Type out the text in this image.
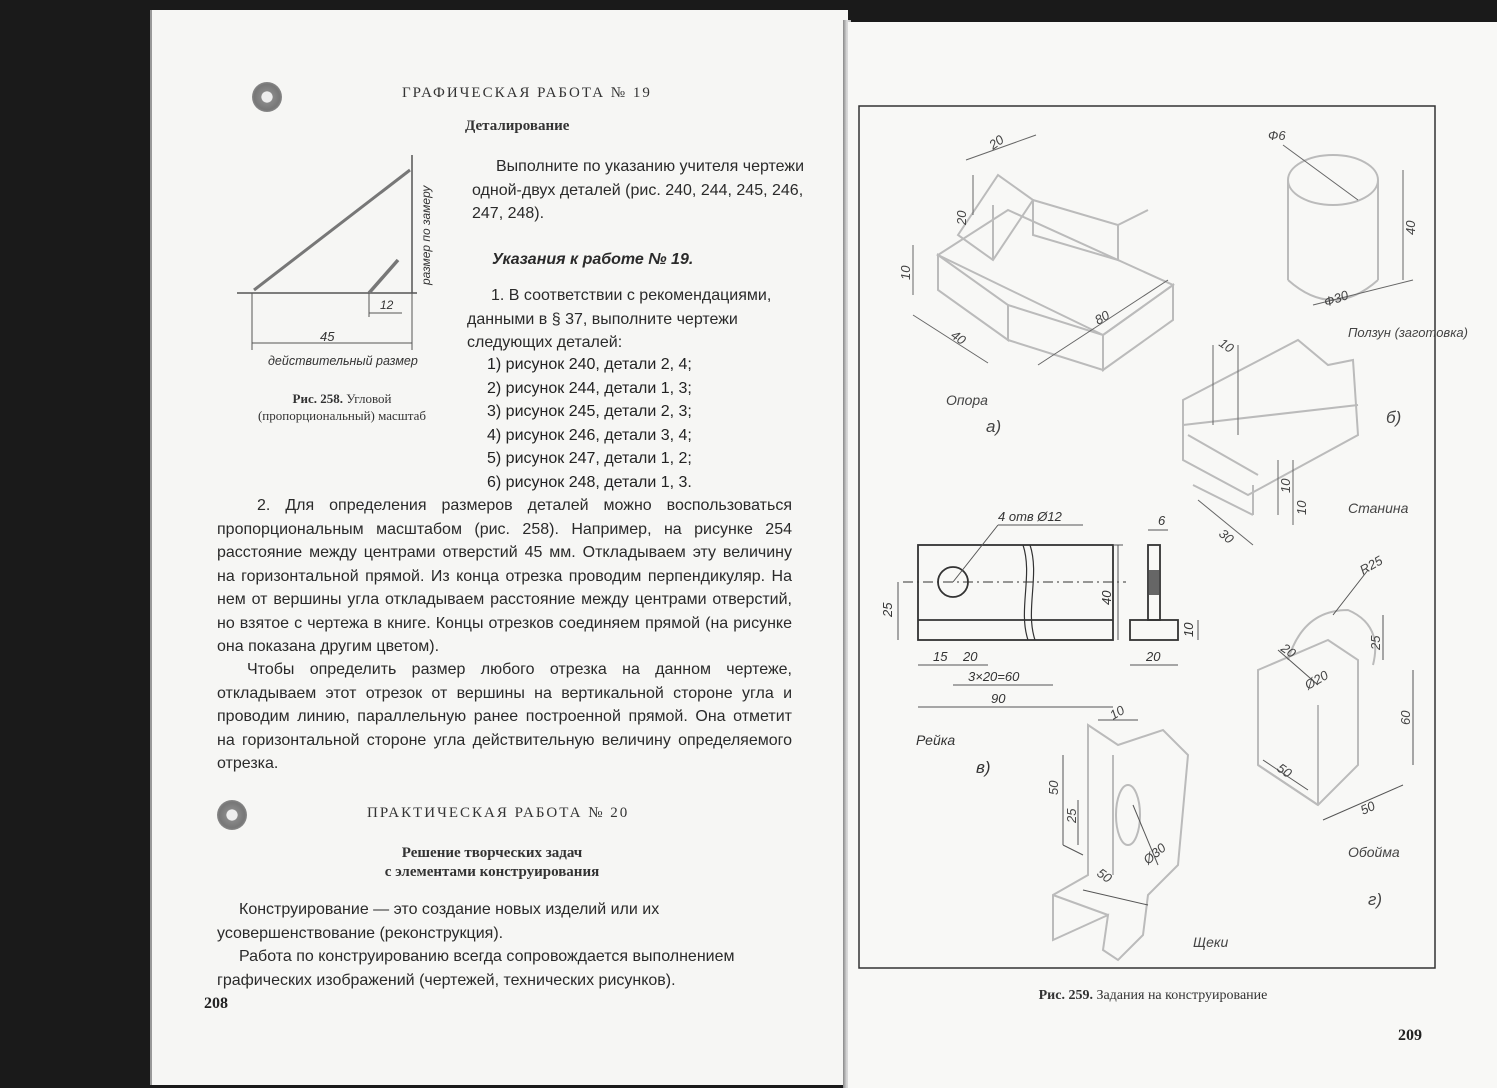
ГРАФИЧЕСКАЯ РАБОТА № 19
Деталирование
12
45
размер по замеру
действительный размер
Рис. 258. Угловой (пропорциональный) масштаб
Выполните по указанию учителя чертежи одной-двух деталей (рис. 240, 244, 245, 246, 247, 248).
Указания к работе № 19.
1. В соответствии с рекомендациями, данными в § 37, выполните чертежи следующих деталей:
1) рисунок 240, детали 2, 4;
2) рисунок 244, детали 1, 3;
3) рисунок 245, детали 2, 3;
4) рисунок 246, детали 3, 4;
5) рисунок 247, детали 1, 2;
6) рисунок 248, детали 1, 3.
2. Для определения размеров деталей можно воспользоваться пропорциональным масштабом (рис. 258). Например, на рисунке 254 расстояние между центрами отверстий 45 мм. Откладываем эту величину на горизонтальной прямой. Из конца отрезка проводим перпендикуляр. На нем от вершины угла откладываем расстояние между центрами отверстий, но взятое с чертежа в книге. Концы отрезков соединяем прямой (на рисунке она показана другим цветом).
Чтобы определить размер любого отрезка на данном чертеже, откладываем этот отрезок от вершины на вертикальной стороне угла и проводим линию, параллельную ранее построенной прямой. Она отметит на горизонтальной стороне угла действительную величину определяемого отрезка.
ПРАКТИЧЕСКАЯ РАБОТА № 20
Решение творческих задач
с элементами конструирования
Конструирование — это создание новых изделий или их усовершенствование (реконструкция).
Работа по конструированию всегда сопровождается выполнением графических изображений (чертежей, технических рисунков).
208
20
20
10
40
80
Опора
а)
Ф6
40
Ф30
Ползун (заготовка)
10
10
10
30
б)
Станина
4 отв Ø12
25
40
15 20
3×20=60
90
6
10
20
Рейка
в)
R25
20
Ø20
25
60
50
50
Обойма
10
50
25
50
Ø30
Щеки
г)
Рис. 259. Задания на конструирование
209
